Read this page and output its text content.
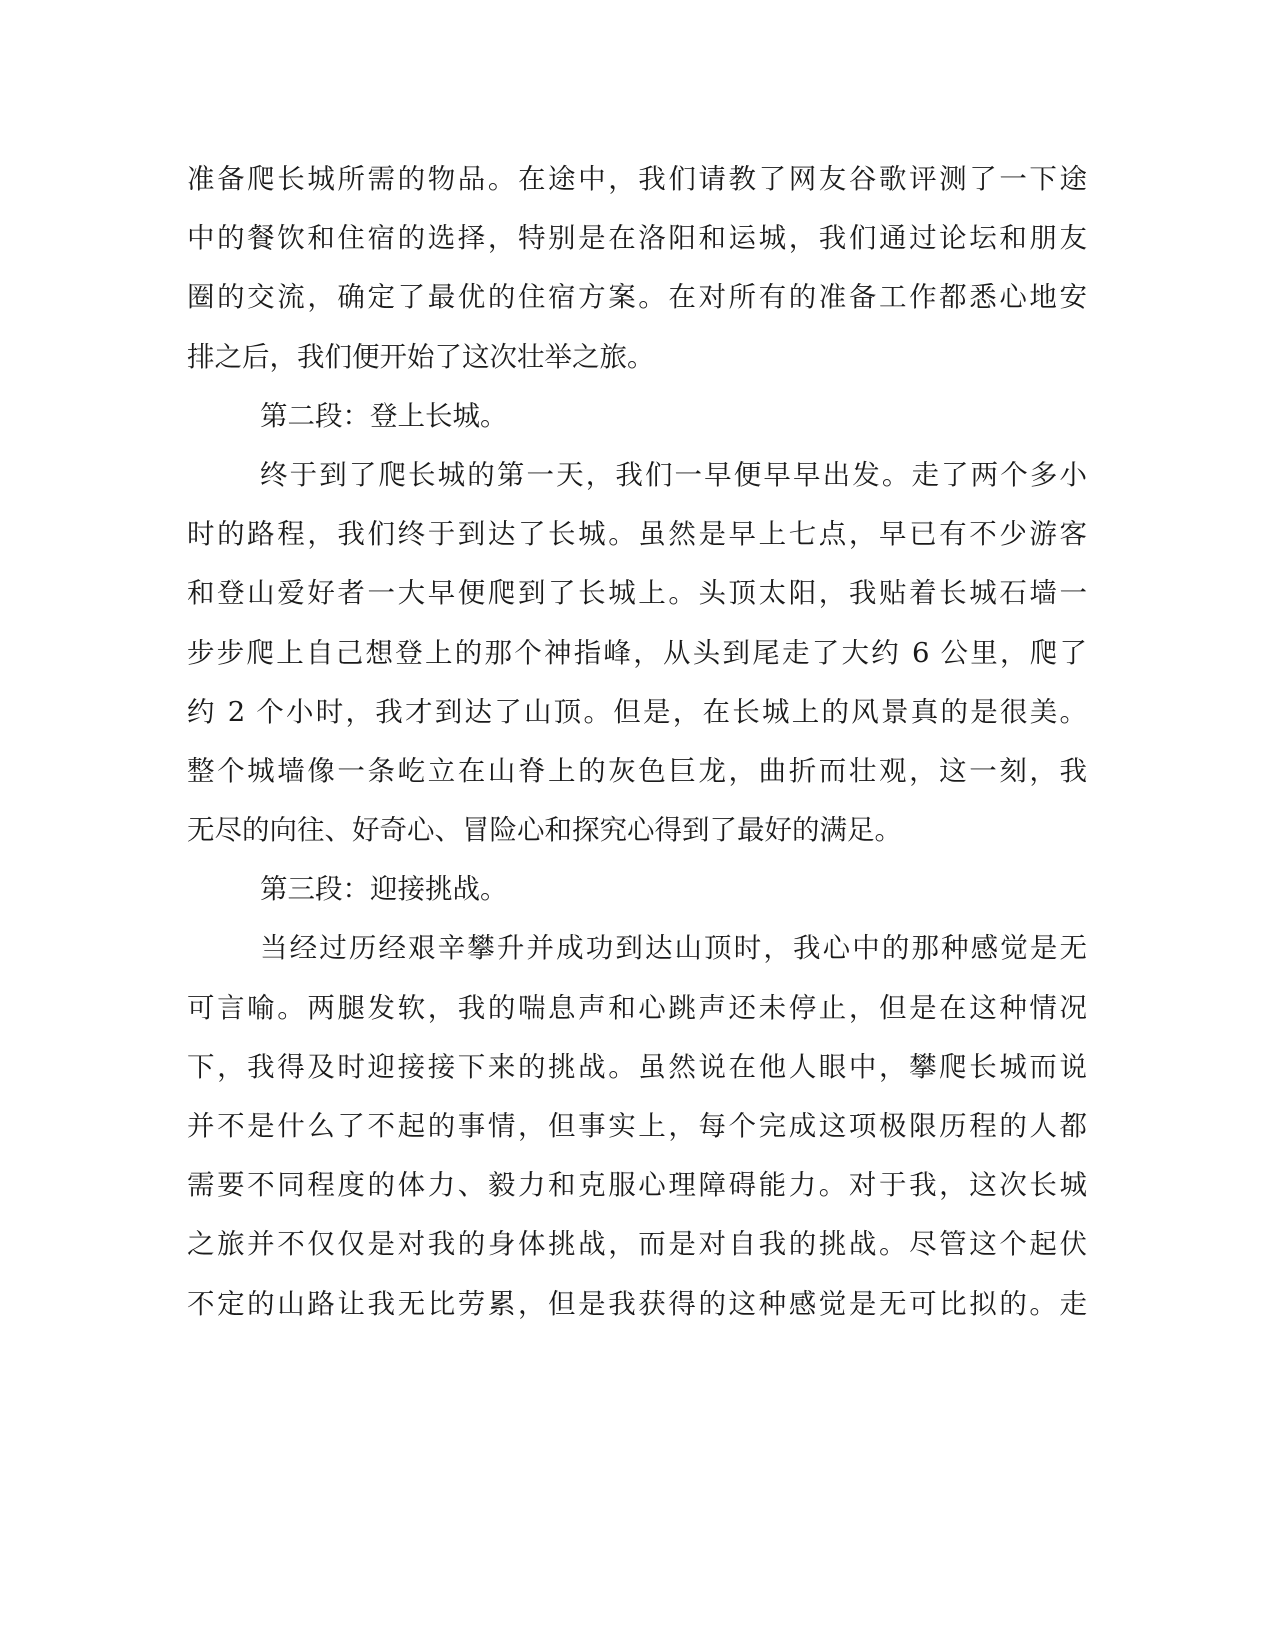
准备爬长城所需的物品。在途中，我们请教了网友谷歌评测了一下途
中的餐饮和住宿的选择，特别是在洛阳和运城，我们通过论坛和朋友
圈的交流，确定了最优的住宿方案。在对所有的准备工作都悉心地安
排之后，我们便开始了这次壮举之旅。
第二段：登上长城。
终于到了爬长城的第一天，我们一早便早早出发。走了两个多小
时的路程，我们终于到达了长城。虽然是早上七点，早已有不少游客
和登山爱好者一大早便爬到了长城上。头顶太阳，我贴着长城石墙一
步步爬上自己想登上的那个神指峰，从头到尾走了大约 6 公里，爬了
约 2 个小时，我才到达了山顶。但是，在长城上的风景真的是很美。
整个城墙像一条屹立在山脊上的灰色巨龙，曲折而壮观，这一刻，我
无尽的向往、好奇心、冒险心和探究心得到了最好的满足。
第三段：迎接挑战。
当经过历经艰辛攀升并成功到达山顶时，我心中的那种感觉是无
可言喻。两腿发软，我的喘息声和心跳声还未停止，但是在这种情况
下，我得及时迎接接下来的挑战。虽然说在他人眼中，攀爬长城而说
并不是什么了不起的事情，但事实上，每个完成这项极限历程的人都
需要不同程度的体力、毅力和克服心理障碍能力。对于我，这次长城
之旅并不仅仅是对我的身体挑战，而是对自我的挑战。尽管这个起伏
不定的山路让我无比劳累，但是我获得的这种感觉是无可比拟的。走
